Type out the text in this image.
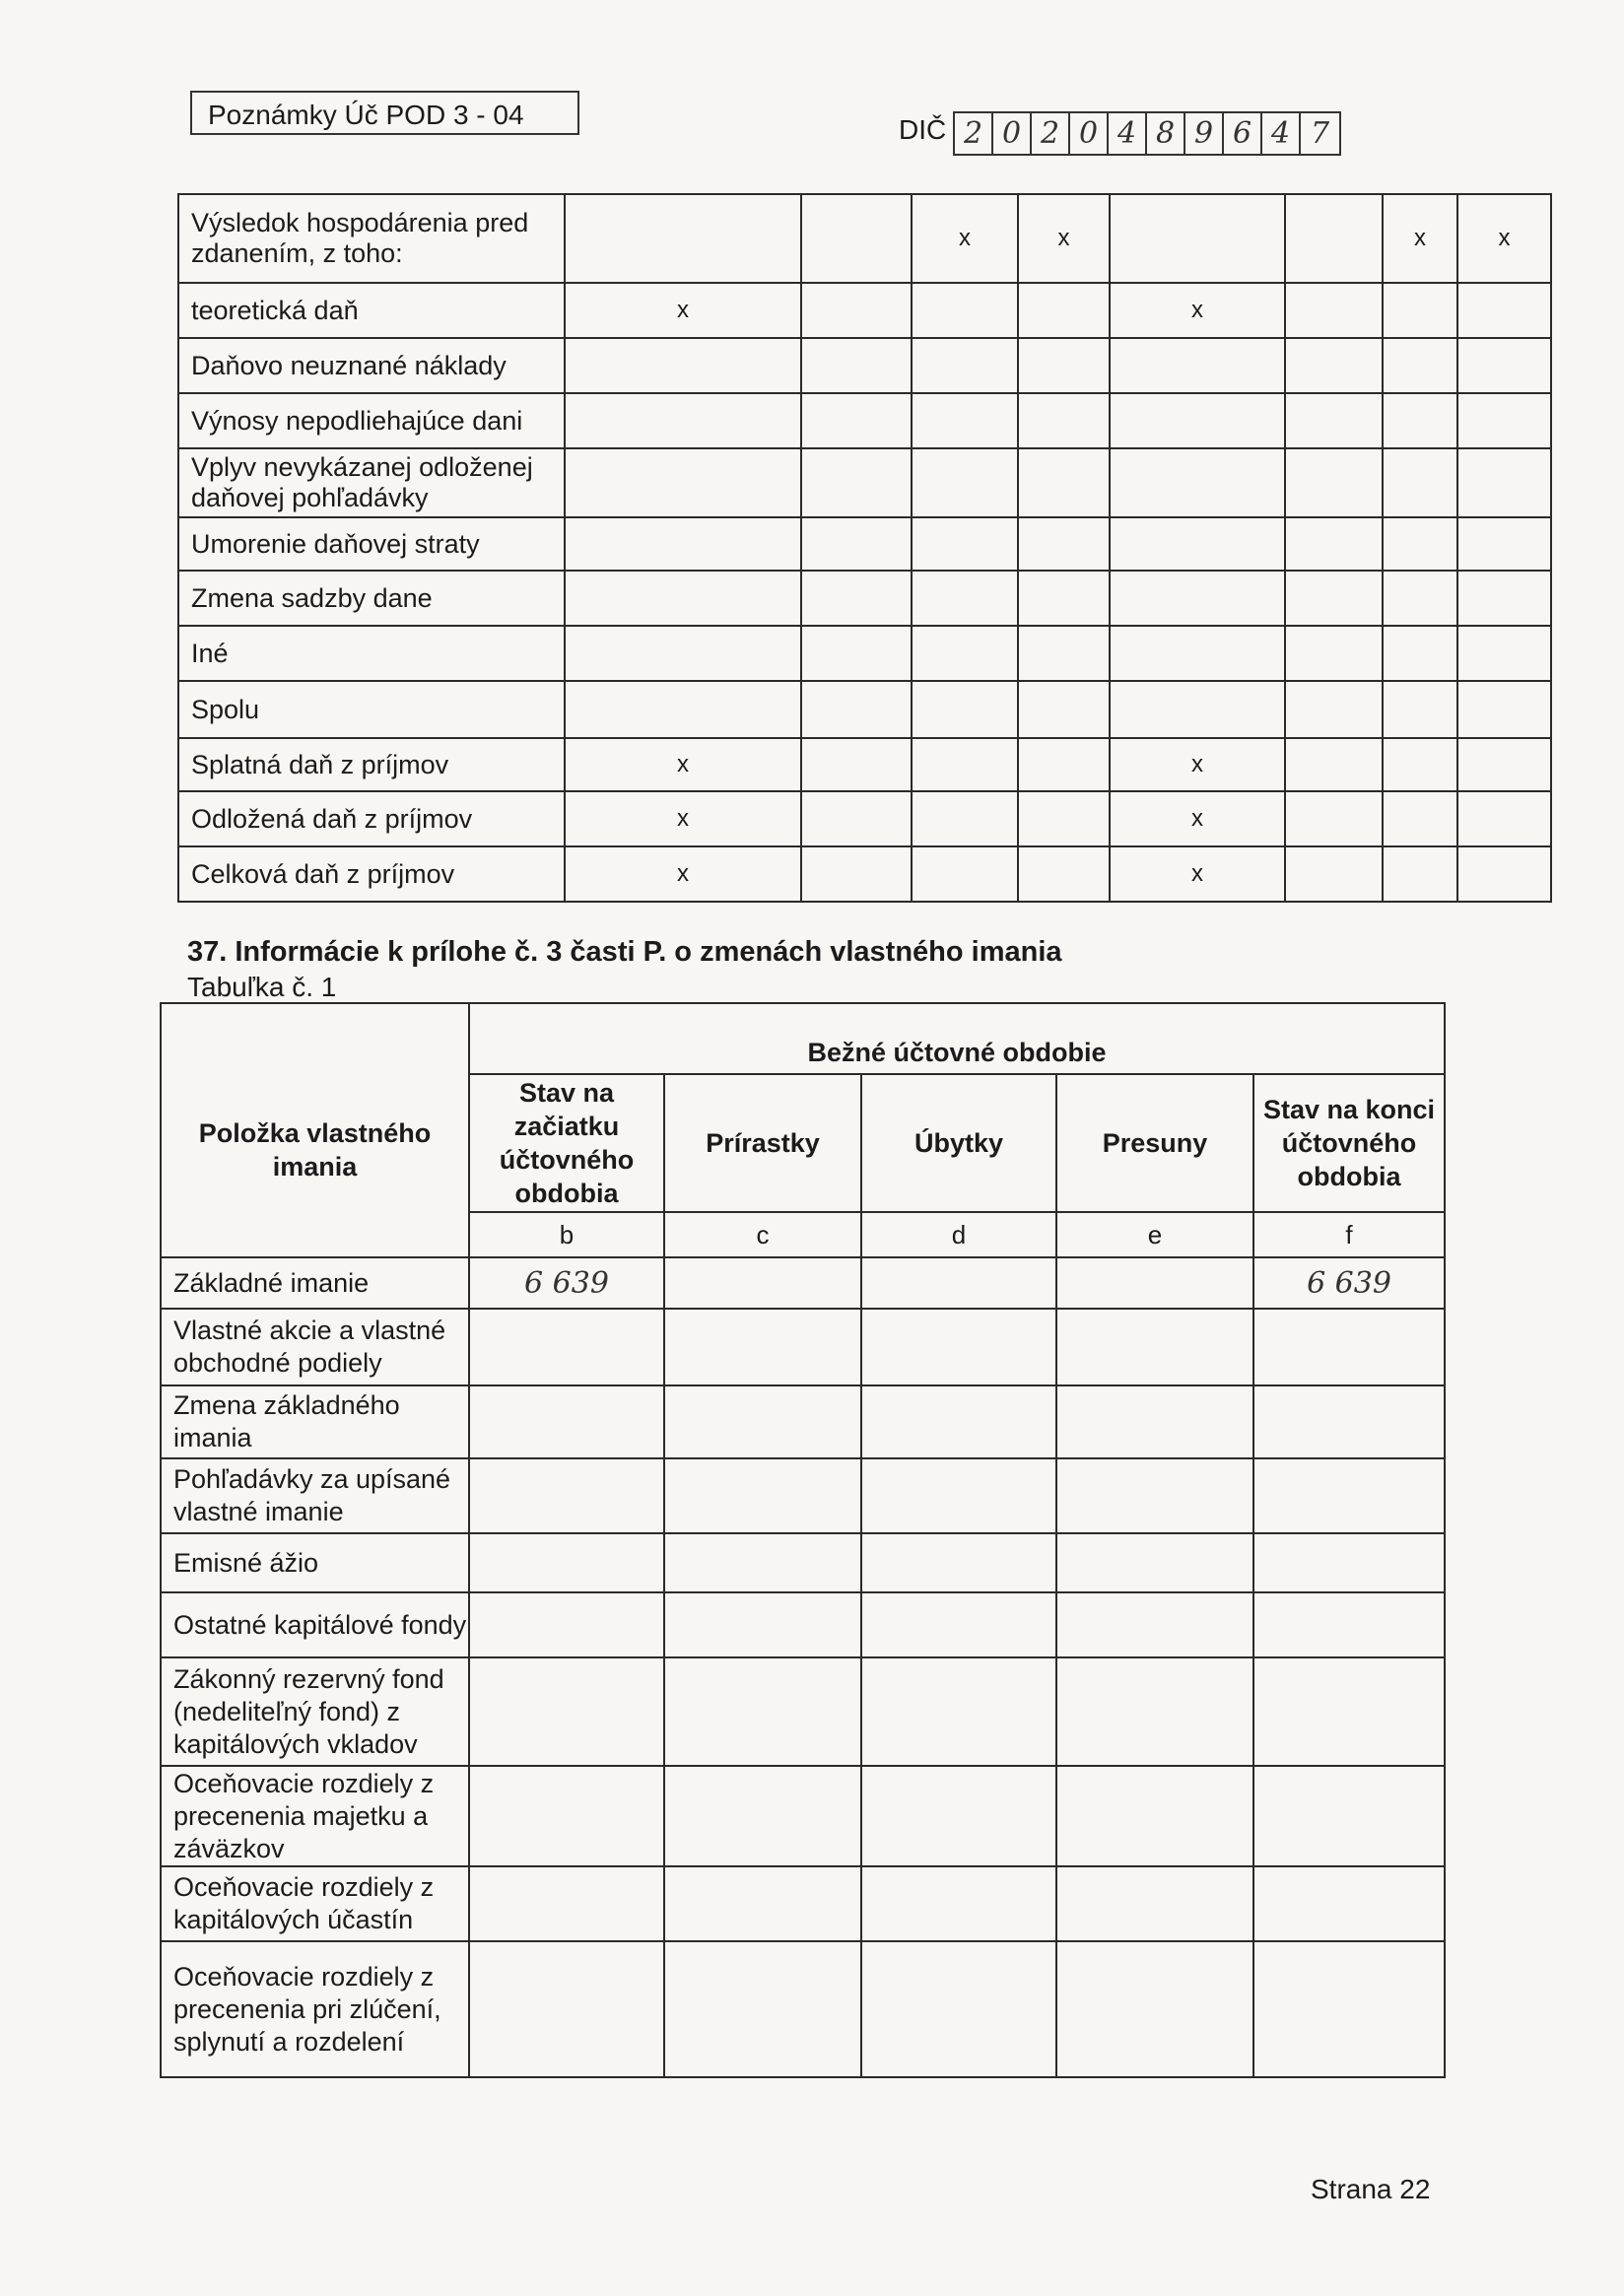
Poznámky Úč POD 3 - 04	DIČ 2 0 2 0 4 8 9 6 4 7
Výsledok hospodárenia pred zdanením, z toho:			x	x			x	x
teoretická daň	x				x			
Daňovo neuznané náklady								
Výnosy nepodliehajúce dani								
Vplyv nevykázanej odloženej daňovej pohľadávky								
Umorenie daňovej straty								
Zmena sadzby dane								
Iné								
Spolu								
Splatná daň z príjmov	x				x			
Odložená daň z príjmov	x				x			
Celková daň z príjmov	x				x			
37. Informácie k prílohe č. 3 časti P. o zmenách vlastného imania
Tabuľka č. 1
Položka vlastného imania	Bežné účtovné obdobie				
	Stav na začiatku účtovného obdobia	Prírastky	Úbytky	Presuny	Stav na konci účtovného obdobia
	b	c	d	e	f
Základné imanie	6 639				6 639
Vlastné akcie a vlastné obchodné podiely					
Zmena základného imania					
Pohľadávky za upísané vlastné imanie					
Emisné ážio					
Ostatné kapitálové fondy					
Zákonný rezervný fond (nedeliteľný fond) z kapitálových vkladov					
Oceňovacie rozdiely z precenenia majetku a záväzkov					
Oceňovacie rozdiely z kapitálových účastín					
Oceňovacie rozdiely z precenenia pri zlúčení, splynutí a rozdelení					
Strana 22
